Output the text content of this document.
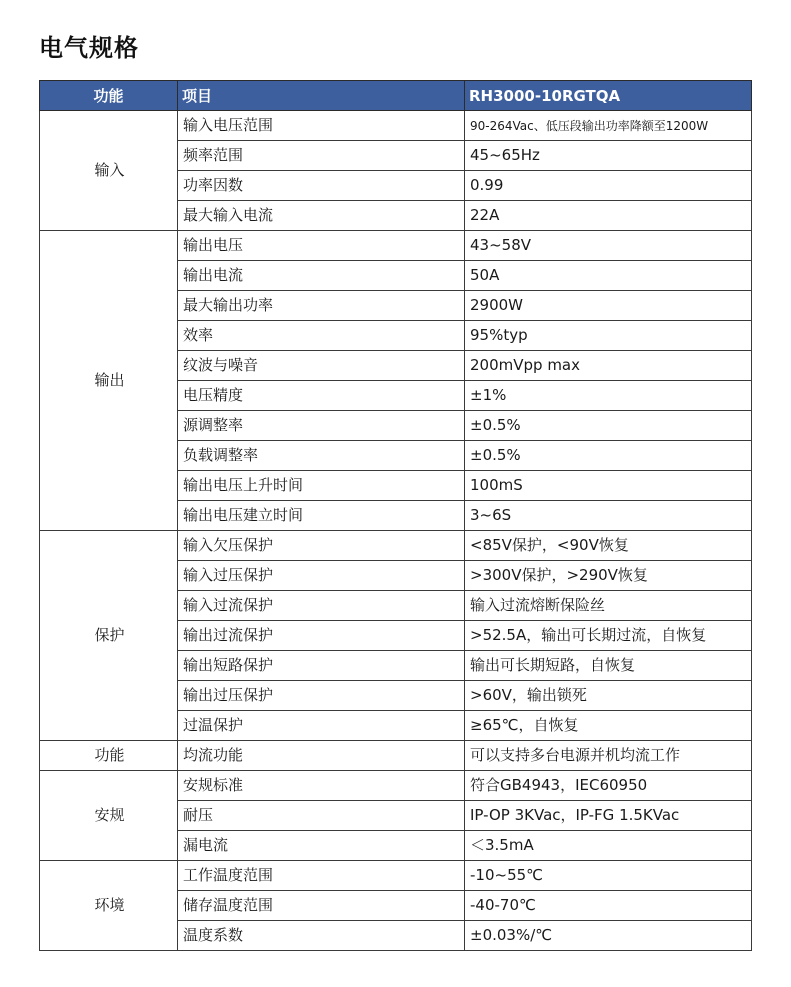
电气规格
功能	项目	RH3000-10RGTQA
输入	输入电压范围	90-264Vac、低压段输出功率降额至1200W
	频率范围	45~65Hz
	功率因数	0.99
	最大输入电流	22A
输出	输出电压	43~58V
	输出电流	50A
	最大输出功率	2900W
	效率	95%typ
	纹波与噪音	200mVpp max
	电压精度	±1%
	源调整率	±0.5%
	负载调整率	±0.5%
	输出电压上升时间	100mS
	输出电压建立时间	3~6S
保护	输入欠压保护	<85V保护，<90V恢复
	输入过压保护	>300V保护，>290V恢复
	输入过流保护	输入过流熔断保险丝
	输出过流保护	>52.5A，输出可长期过流，自恢复
	输出短路保护	输出可长期短路，自恢复
	输出过压保护	>60V，输出锁死
	过温保护	≥65℃，自恢复
功能	均流功能	可以支持多台电源并机均流工作
安规	安规标准	符合GB4943，IEC60950
	耐压	IP-OP 3KVac，IP-FG 1.5KVac
	漏电流	＜3.5mA
环境	工作温度范围	-10~55℃
	储存温度范围	-40-70℃
	温度系数	±0.03%/℃
